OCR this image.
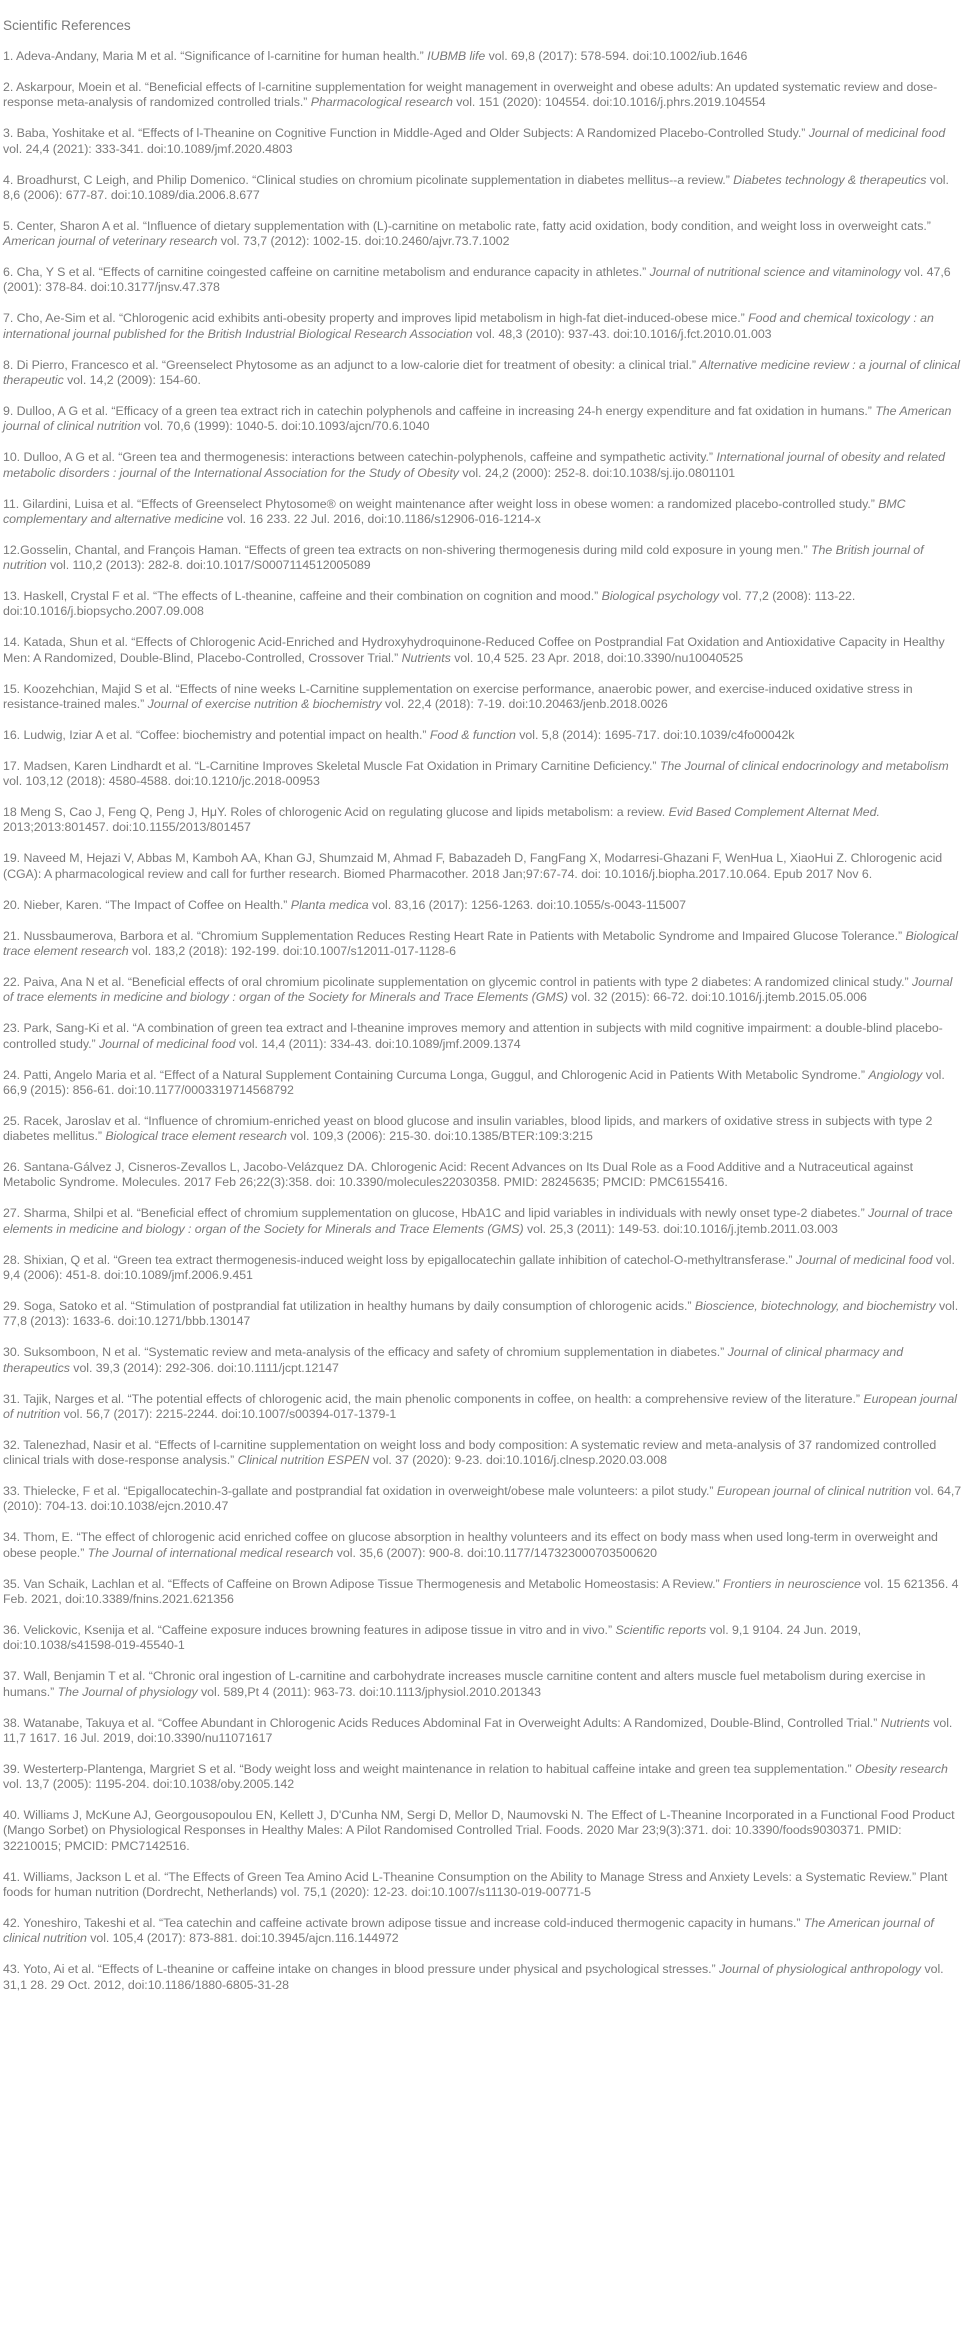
Scientific References

1. Adeva-Andany, Maria M et al. “Significance of l-carnitine for human health.” IUBMB life vol. 69,8 (2017): 578-594. doi:10.1002/iub.1646

2. Askarpour, Moein et al. “Beneficial effects of l-carnitine supplementation for weight management in overweight and obese adults: An updated systematic review and dose-response meta-analysis of randomized controlled trials.” Pharmacological research vol. 151 (2020): 104554. doi:10.1016/j.phrs.2019.104554

3. Baba, Yoshitake et al. “Effects of l-Theanine on Cognitive Function in Middle-Aged and Older Subjects: A Randomized Placebo-Controlled Study.” Journal of medicinal food vol. 24,4 (2021): 333-341. doi:10.1089/jmf.2020.4803

4. Broadhurst, C Leigh, and Philip Domenico. “Clinical studies on chromium picolinate supplementation in diabetes mellitus--a review.” Diabetes technology & therapeutics vol. 8,6 (2006): 677-87. doi:10.1089/dia.2006.8.677

5. Center, Sharon A et al. “Influence of dietary supplementation with (L)-carnitine on metabolic rate, fatty acid oxidation, body condition, and weight loss in overweight cats.” American journal of veterinary research vol. 73,7 (2012): 1002-15. doi:10.2460/ajvr.73.7.1002

6. Cha, Y S et al. “Effects of carnitine coingested caffeine on carnitine metabolism and endurance capacity in athletes.” Journal of nutritional science and vitaminology vol. 47,6 (2001): 378-84. doi:10.3177/jnsv.47.378

7. Cho, Ae-Sim et al. “Chlorogenic acid exhibits anti-obesity property and improves lipid metabolism in high-fat diet-induced-obese mice.” Food and chemical toxicology : an international journal published for the British Industrial Biological Research Association vol. 48,3 (2010): 937-43. doi:10.1016/j.fct.2010.01.003

8. Di Pierro, Francesco et al. “Greenselect Phytosome as an adjunct to a low-calorie diet for treatment of obesity: a clinical trial.” Alternative medicine review : a journal of clinical therapeutic vol. 14,2 (2009): 154-60.

9. Dulloo, A G et al. “Efficacy of a green tea extract rich in catechin polyphenols and caffeine in increasing 24-h energy expenditure and fat oxidation in humans.” The American journal of clinical nutrition vol. 70,6 (1999): 1040-5. doi:10.1093/ajcn/70.6.1040

10. Dulloo, A G et al. “Green tea and thermogenesis: interactions between catechin-polyphenols, caffeine and sympathetic activity.” International journal of obesity and related metabolic disorders : journal of the International Association for the Study of Obesity vol. 24,2 (2000): 252-8. doi:10.1038/sj.ijo.0801101

11. Gilardini, Luisa et al. “Effects of Greenselect Phytosome® on weight maintenance after weight loss in obese women: a randomized placebo-controlled study.” BMC complementary and alternative medicine vol. 16 233. 22 Jul. 2016, doi:10.1186/s12906-016-1214-x

12.Gosselin, Chantal, and François Haman. “Effects of green tea extracts on non-shivering thermogenesis during mild cold exposure in young men.” The British journal of nutrition vol. 110,2 (2013): 282-8. doi:10.1017/S0007114512005089

13. Haskell, Crystal F et al. “The effects of L-theanine, caffeine and their combination on cognition and mood.” Biological psychology vol. 77,2 (2008): 113-22. doi:10.1016/j.biopsycho.2007.09.008

14. Katada, Shun et al. “Effects of Chlorogenic Acid-Enriched and Hydroxyhydroquinone-Reduced Coffee on Postprandial Fat Oxidation and Antioxidative Capacity in Healthy Men: A Randomized, Double-Blind, Placebo-Controlled, Crossover Trial.” Nutrients vol. 10,4 525. 23 Apr. 2018, doi:10.3390/nu10040525

15. Koozehchian, Majid S et al. “Effects of nine weeks L-Carnitine supplementation on exercise performance, anaerobic power, and exercise-induced oxidative stress in resistance-trained males.” Journal of exercise nutrition & biochemistry vol. 22,4 (2018): 7-19. doi:10.20463/jenb.2018.0026

16. Ludwig, Iziar A et al. “Coffee: biochemistry and potential impact on health.” Food & function vol. 5,8 (2014): 1695-717. doi:10.1039/c4fo00042k

17. Madsen, Karen Lindhardt et al. “L-Carnitine Improves Skeletal Muscle Fat Oxidation in Primary Carnitine Deficiency.” The Journal of clinical endocrinology and metabolism vol. 103,12 (2018): 4580-4588. doi:10.1210/jc.2018-00953

18 Meng S, Cao J, Feng Q, Peng J, HμY. Roles of chlorogenic Acid on regulating glucose and lipids metabolism: a review. Evid Based Complement Alternat Med. 2013;2013:801457. doi:10.1155/2013/801457

19. Naveed M, Hejazi V, Abbas M, Kamboh AA, Khan GJ, Shumzaid M, Ahmad F, Babazadeh D, FangFang X, Modarresi-Ghazani F, WenHua L, XiaoHui Z. Chlorogenic acid (CGA): A pharmacological review and call for further research. Biomed Pharmacother. 2018 Jan;97:67-74. doi: 10.1016/j.biopha.2017.10.064. Epub 2017 Nov 6.

20. Nieber, Karen. “The Impact of Coffee on Health.” Planta medica vol. 83,16 (2017): 1256-1263. doi:10.1055/s-0043-115007

21. Nussbaumerova, Barbora et al. “Chromium Supplementation Reduces Resting Heart Rate in Patients with Metabolic Syndrome and Impaired Glucose Tolerance.” Biological trace element research vol. 183,2 (2018): 192-199. doi:10.1007/s12011-017-1128-6

22. Paiva, Ana N et al. “Beneficial effects of oral chromium picolinate supplementation on glycemic control in patients with type 2 diabetes: A randomized clinical study.” Journal of trace elements in medicine and biology : organ of the Society for Minerals and Trace Elements (GMS) vol. 32 (2015): 66-72. doi:10.1016/j.jtemb.2015.05.006

23. Park, Sang-Ki et al. “A combination of green tea extract and l-theanine improves memory and attention in subjects with mild cognitive impairment: a double-blind placebo-controlled study.” Journal of medicinal food vol. 14,4 (2011): 334-43. doi:10.1089/jmf.2009.1374

24. Patti, Angelo Maria et al. “Effect of a Natural Supplement Containing Curcuma Longa, Guggul, and Chlorogenic Acid in Patients With Metabolic Syndrome.” Angiology vol. 66,9 (2015): 856-61. doi:10.1177/0003319714568792

25. Racek, Jaroslav et al. “Influence of chromium-enriched yeast on blood glucose and insulin variables, blood lipids, and markers of oxidative stress in subjects with type 2 diabetes mellitus.” Biological trace element research vol. 109,3 (2006): 215-30. doi:10.1385/BTER:109:3:215

26. Santana-Gálvez J, Cisneros-Zevallos L, Jacobo-Velázquez DA. Chlorogenic Acid: Recent Advances on Its Dual Role as a Food Additive and a Nutraceutical against Metabolic Syndrome. Molecules. 2017 Feb 26;22(3):358. doi: 10.3390/molecules22030358. PMID: 28245635; PMCID: PMC6155416.

27. Sharma, Shilpi et al. “Beneficial effect of chromium supplementation on glucose, HbA1C and lipid variables in individuals with newly onset type-2 diabetes.” Journal of trace elements in medicine and biology : organ of the Society for Minerals and Trace Elements (GMS) vol. 25,3 (2011): 149-53. doi:10.1016/j.jtemb.2011.03.003

28. Shixian, Q et al. “Green tea extract thermogenesis-induced weight loss by epigallocatechin gallate inhibition of catechol-O-methyltransferase.” Journal of medicinal food vol. 9,4 (2006): 451-8. doi:10.1089/jmf.2006.9.451

29. Soga, Satoko et al. “Stimulation of postprandial fat utilization in healthy humans by daily consumption of chlorogenic acids.” Bioscience, biotechnology, and biochemistry vol. 77,8 (2013): 1633-6. doi:10.1271/bbb.130147

30. Suksomboon, N et al. “Systematic review and meta-analysis of the efficacy and safety of chromium supplementation in diabetes.” Journal of clinical pharmacy and therapeutics vol. 39,3 (2014): 292-306. doi:10.1111/jcpt.12147

31. Tajik, Narges et al. “The potential effects of chlorogenic acid, the main phenolic components in coffee, on health: a comprehensive review of the literature.” European journal of nutrition vol. 56,7 (2017): 2215-2244. doi:10.1007/s00394-017-1379-1

32. Talenezhad, Nasir et al. “Effects of l-carnitine supplementation on weight loss and body composition: A systematic review and meta-analysis of 37 randomized controlled clinical trials with dose-response analysis.” Clinical nutrition ESPEN vol. 37 (2020): 9-23. doi:10.1016/j.clnesp.2020.03.008

33. Thielecke, F et al. “Epigallocatechin-3-gallate and postprandial fat oxidation in overweight/obese male volunteers: a pilot study.” European journal of clinical nutrition vol. 64,7 (2010): 704-13. doi:10.1038/ejcn.2010.47

34. Thom, E. “The effect of chlorogenic acid enriched coffee on glucose absorption in healthy volunteers and its effect on body mass when used long-term in overweight and obese people.” The Journal of international medical research vol. 35,6 (2007): 900-8. doi:10.1177/147323000703500620

35. Van Schaik, Lachlan et al. “Effects of Caffeine on Brown Adipose Tissue Thermogenesis and Metabolic Homeostasis: A Review.” Frontiers in neuroscience vol. 15 621356. 4 Feb. 2021, doi:10.3389/fnins.2021.621356

36. Velickovic, Ksenija et al. “Caffeine exposure induces browning features in adipose tissue in vitro and in vivo.” Scientific reports vol. 9,1 9104. 24 Jun. 2019, doi:10.1038/s41598-019-45540-1

37. Wall, Benjamin T et al. “Chronic oral ingestion of L-carnitine and carbohydrate increases muscle carnitine content and alters muscle fuel metabolism during exercise in humans.” The Journal of physiology vol. 589,Pt 4 (2011): 963-73. doi:10.1113/jphysiol.2010.201343

38. Watanabe, Takuya et al. “Coffee Abundant in Chlorogenic Acids Reduces Abdominal Fat in Overweight Adults: A Randomized, Double-Blind, Controlled Trial.” Nutrients vol. 11,7 1617. 16 Jul. 2019, doi:10.3390/nu11071617

39. Westerterp-Plantenga, Margriet S et al. “Body weight loss and weight maintenance in relation to habitual caffeine intake and green tea supplementation.” Obesity research vol. 13,7 (2005): 1195-204. doi:10.1038/oby.2005.142

40. Williams J, McKune AJ, Georgousopoulou EN, Kellett J, D'Cunha NM, Sergi D, Mellor D, Naumovski N. The Effect of L-Theanine Incorporated in a Functional Food Product (Mango Sorbet) on Physiological Responses in Healthy Males: A Pilot Randomised Controlled Trial. Foods. 2020 Mar 23;9(3):371. doi: 10.3390/foods9030371. PMID: 32210015; PMCID: PMC7142516.

41. Williams, Jackson L et al. “The Effects of Green Tea Amino Acid L-Theanine Consumption on the Ability to Manage Stress and Anxiety Levels: a Systematic Review.” Plant foods for human nutrition (Dordrecht, Netherlands) vol. 75,1 (2020): 12-23. doi:10.1007/s11130-019-00771-5

42. Yoneshiro, Takeshi et al. “Tea catechin and caffeine activate brown adipose tissue and increase cold-induced thermogenic capacity in humans.” The American journal of clinical nutrition vol. 105,4 (2017): 873-881. doi:10.3945/ajcn.116.144972

43. Yoto, Ai et al. “Effects of L-theanine or caffeine intake on changes in blood pressure under physical and psychological stresses.” Journal of physiological anthropology vol. 31,1 28. 29 Oct. 2012, doi:10.1186/1880-6805-31-28
